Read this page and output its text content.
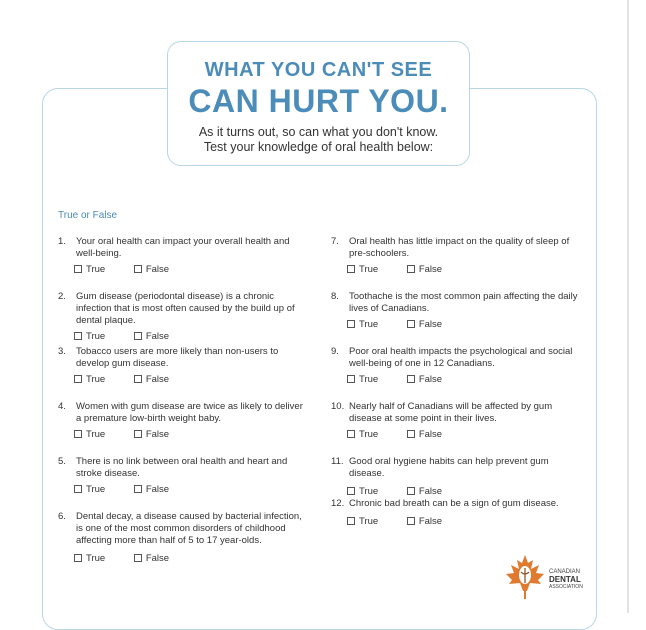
WHAT YOU CAN'T SEE
CAN HURT YOU.
As it turns out, so can what you don't know.
Test your knowledge of oral health below:
True or False
1. Your oral health can impact your overall health and well-being.
True	False
2. Gum disease (periodontal disease) is a chronic infection that is most often caused by the build up of dental plaque.
True	False
3. Tobacco users are more likely than non-users to develop gum disease.
True	False
4. Women with gum disease are twice as likely to deliver a premature low-birth weight baby.
True	False
5. There is no link between oral health and heart and stroke disease.
True	False
6. Dental decay, a disease caused by bacterial infection, is one of the most common disorders of childhood affecting more than half of 5 to 17 year-olds.
True	False
7. Oral health has little impact on the quality of sleep of pre-schoolers.
True	False
8. Toothache is the most common pain affecting the daily lives of Canadians.
True	False
9. Poor oral health impacts the psychological and social well-being of one in 12 Canadians.
True	False
10. Nearly half of Canadians will be affected by gum disease at some point in their lives.
True	False
11. Good oral hygiene habits can help prevent gum disease.
True	False
12. Chronic bad breath can be a sign of gum disease.
True	False
CANADIAN
DENTAL
ASSOCIATION
